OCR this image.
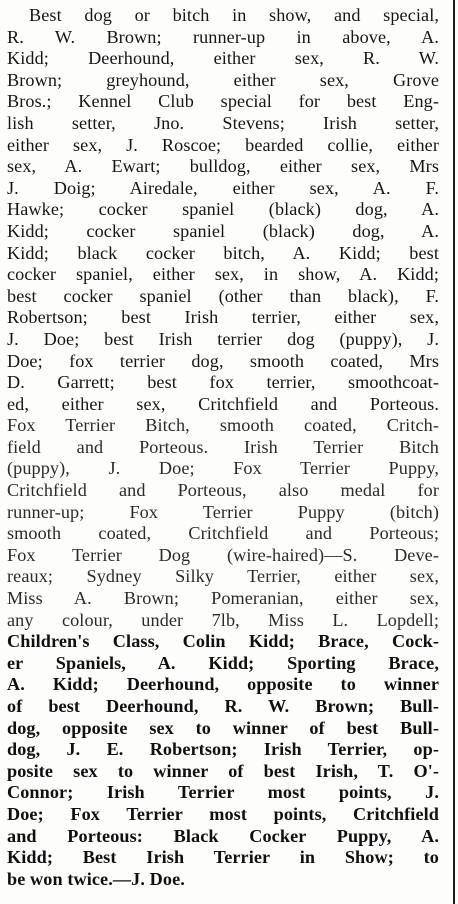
Best dog or bitch in show, and special,
R. W. Brown; runner-up in above, A.
Kidd; Deerhound, either sex, R. W.
Brown; greyhound, either sex, Grove
Bros.; Kennel Club special for best Eng-
lish setter, Jno. Stevens; Irish setter,
either sex, J. Roscoe; bearded collie, either
sex, A. Ewart; bulldog, either sex, Mrs
J. Doig; Airedale, either sex, A. F.
Hawke; cocker spaniel (black) dog, A.
Kidd; cocker spaniel (black) dog, A.
Kidd; black cocker bitch, A. Kidd; best
cocker spaniel, either sex, in show, A. Kidd;
best cocker spaniel (other than black), F.
Robertson; best Irish terrier, either sex,
J. Doe; best Irish terrier dog (puppy), J.
Doe; fox terrier dog, smooth coated, Mrs
D. Garrett; best fox terrier, smoothcoat-
ed, either sex, Critchfield and Porteous.
Fox Terrier Bitch, smooth coated, Critch-
field and Porteous. Irish Terrier Bitch
(puppy), J. Doe; Fox Terrier Puppy,
Critchfield and Porteous, also medal for
runner-up; Fox Terrier Puppy (bitch)
smooth coated, Critchfield and Porteous;
Fox Terrier Dog (wire-haired)—S. Deve-
reaux; Sydney Silky Terrier, either sex,
Miss A. Brown; Pomeranian, either sex,
any colour, under 7lb, Miss L. Lopdell;
Children's Class, Colin Kidd; Brace, Cock-
er Spaniels, A. Kidd; Sporting Brace,
A. Kidd; Deerhound, opposite to winner
of best Deerhound, R. W. Brown; Bull-
dog, opposite sex to winner of best Bull-
dog, J. E. Robertson; Irish Terrier, op-
posite sex to winner of best Irish, T. O'-
Connor; Irish Terrier most points, J.
Doe; Fox Terrier most points, Critchfield
and Porteous: Black Cocker Puppy, A.
Kidd; Best Irish Terrier in Show; to
be won twice.—J. Doe.
